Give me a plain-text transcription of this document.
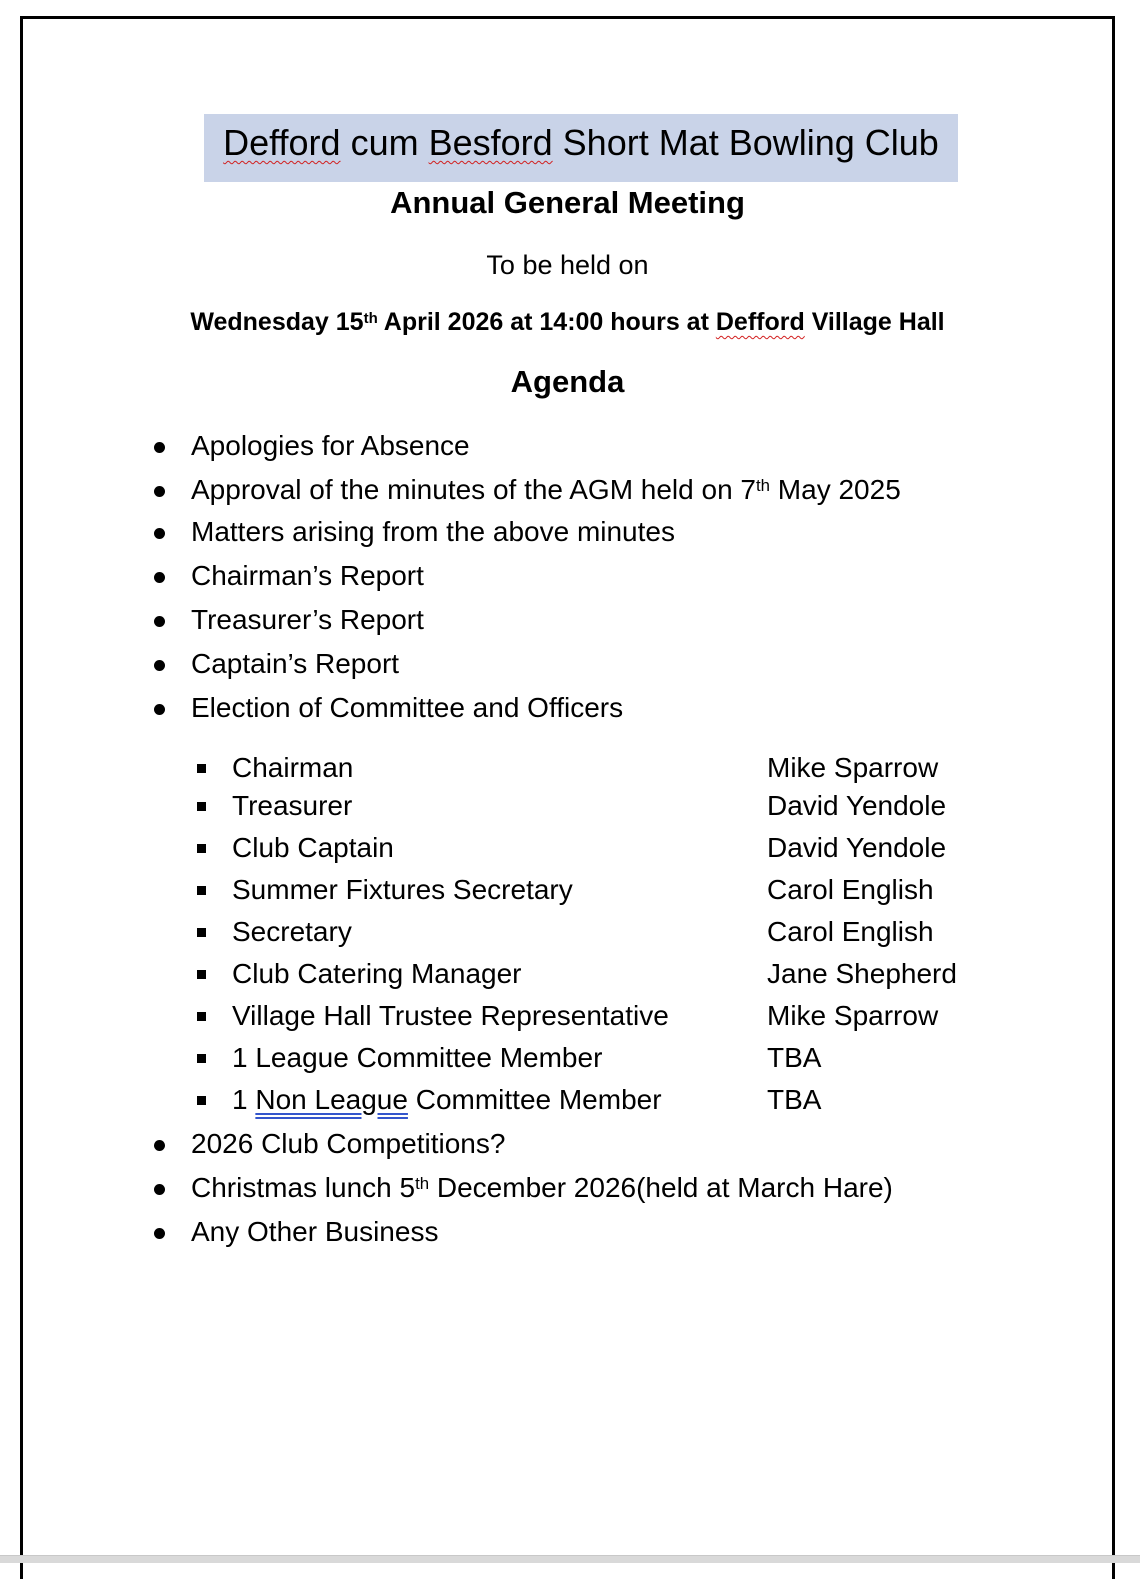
Defford cum Besford Short Mat Bowling Club
Annual General Meeting
To be held on
Wednesday 15th April 2026 at 14:00 hours at Defford Village Hall
Agenda
Apologies for Absence
Approval of the minutes of the AGM held on 7th May 2025
Matters arising from the above minutes
Chairman’s Report
Treasurer’s Report
Captain’s Report
Election of Committee and Officers
Chairman	Mike Sparrow
Treasurer	David Yendole
Club Captain	David Yendole
Summer Fixtures Secretary	Carol English
Secretary	Carol English
Club Catering Manager	Jane Shepherd
Village Hall Trustee Representative	Mike Sparrow
1 League Committee Member	TBA
1 Non League Committee Member	TBA
2026 Club Competitions?
Christmas lunch 5th December 2026(held at March Hare)
Any Other Business
